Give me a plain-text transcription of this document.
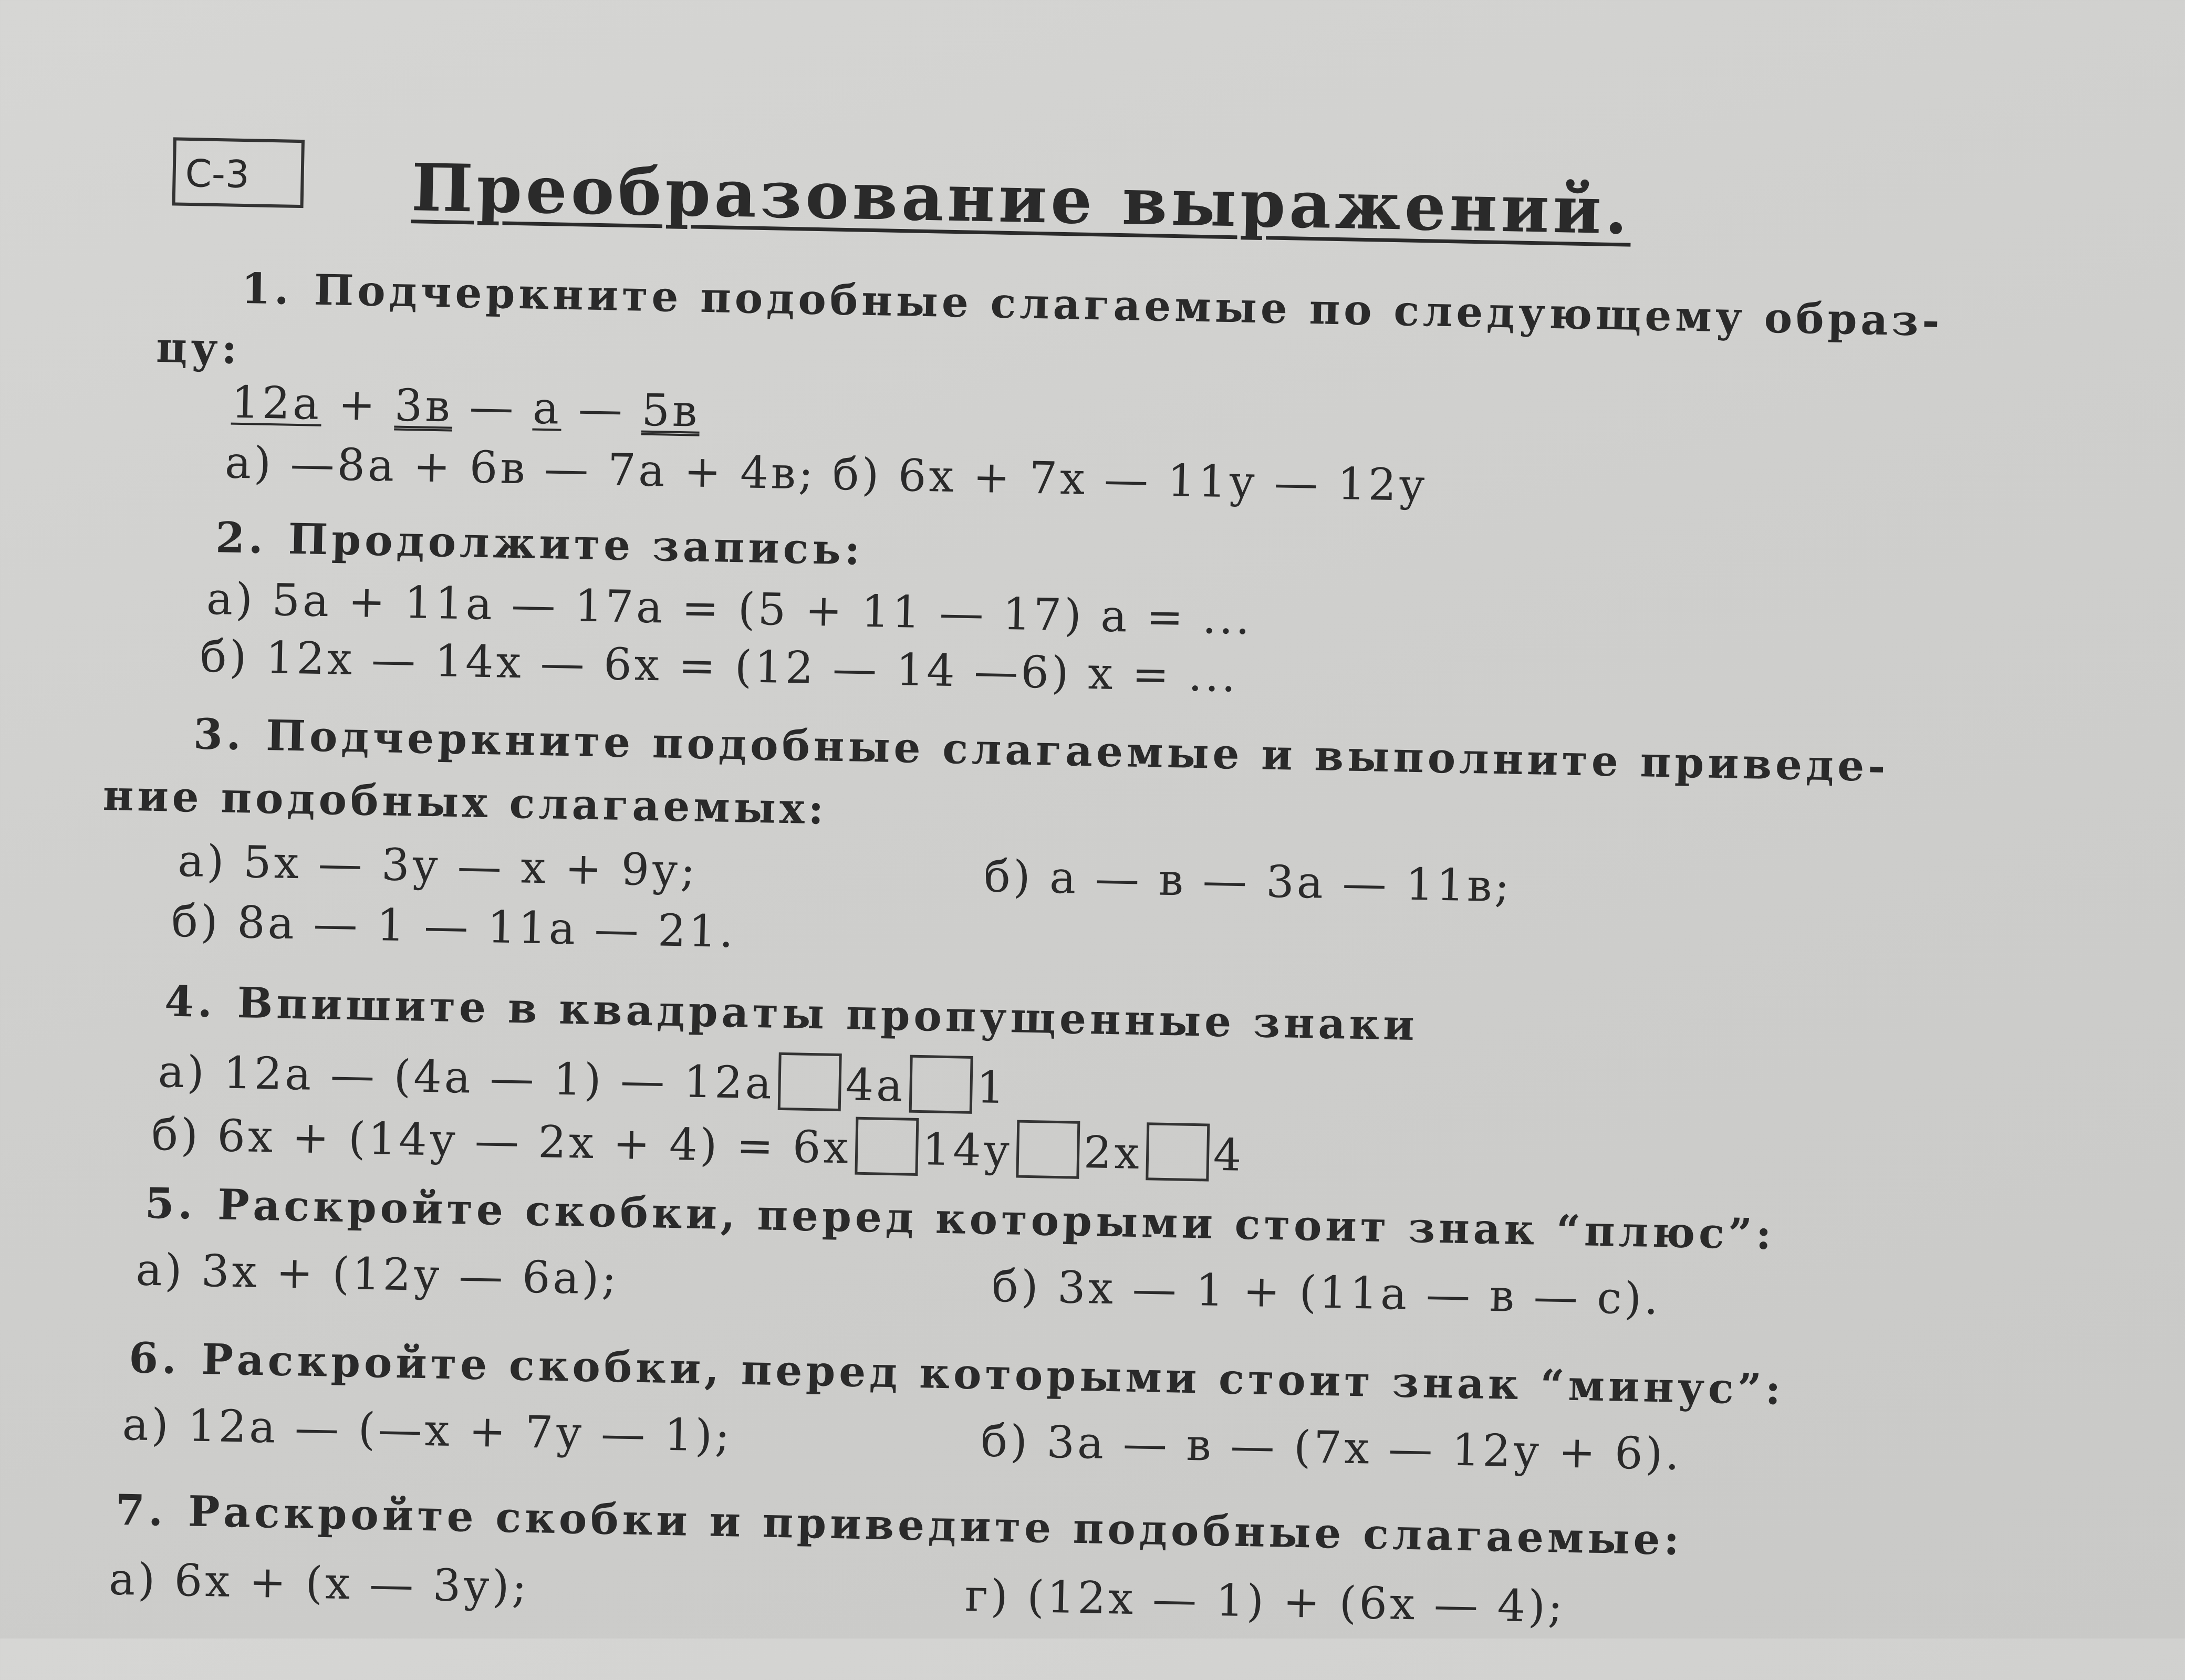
С-3	Преобразование выражений.
1. Подчеркните подобные слагаемые по следующему образ-
цу:
12а + 3в — а — 5в
а) —8а + 6в — 7а + 4в; б) 6х + 7х — 11у — 12у
2. Продолжите запись:
а) 5а + 11а — 17а = (5 + 11 — 17) а = ...
б) 12х — 14х — 6х = (12 — 14 —6) х = ...
3. Подчеркните подобные слагаемые и выполните приведе-
ние подобных слагаемых:
а) 5х — 3у — х + 9у;	б) а — в — 3а — 11в;
б) 8а — 1 — 11а — 21.
4. Впишите в квадраты пропущенные знаки
а) 12а — (4а — 1) — 12а 4а 1
б) 6х + (14у — 2х + 4) = 6х 14у 2х 4
5. Раскройте скобки, перед которыми стоит знак “плюс”:
а) 3х + (12у — 6а);	б) 3х — 1 + (11а — в — с).
6. Раскройте скобки, перед которыми стоит знак “минус”:
а) 12а — (—х + 7у — 1);	б) 3а — в — (7х — 12у + 6).
7. Раскройте скобки и приведите подобные слагаемые:
а) 6х + (х — 3у);	г) (12х — 1) + (6х — 4);
